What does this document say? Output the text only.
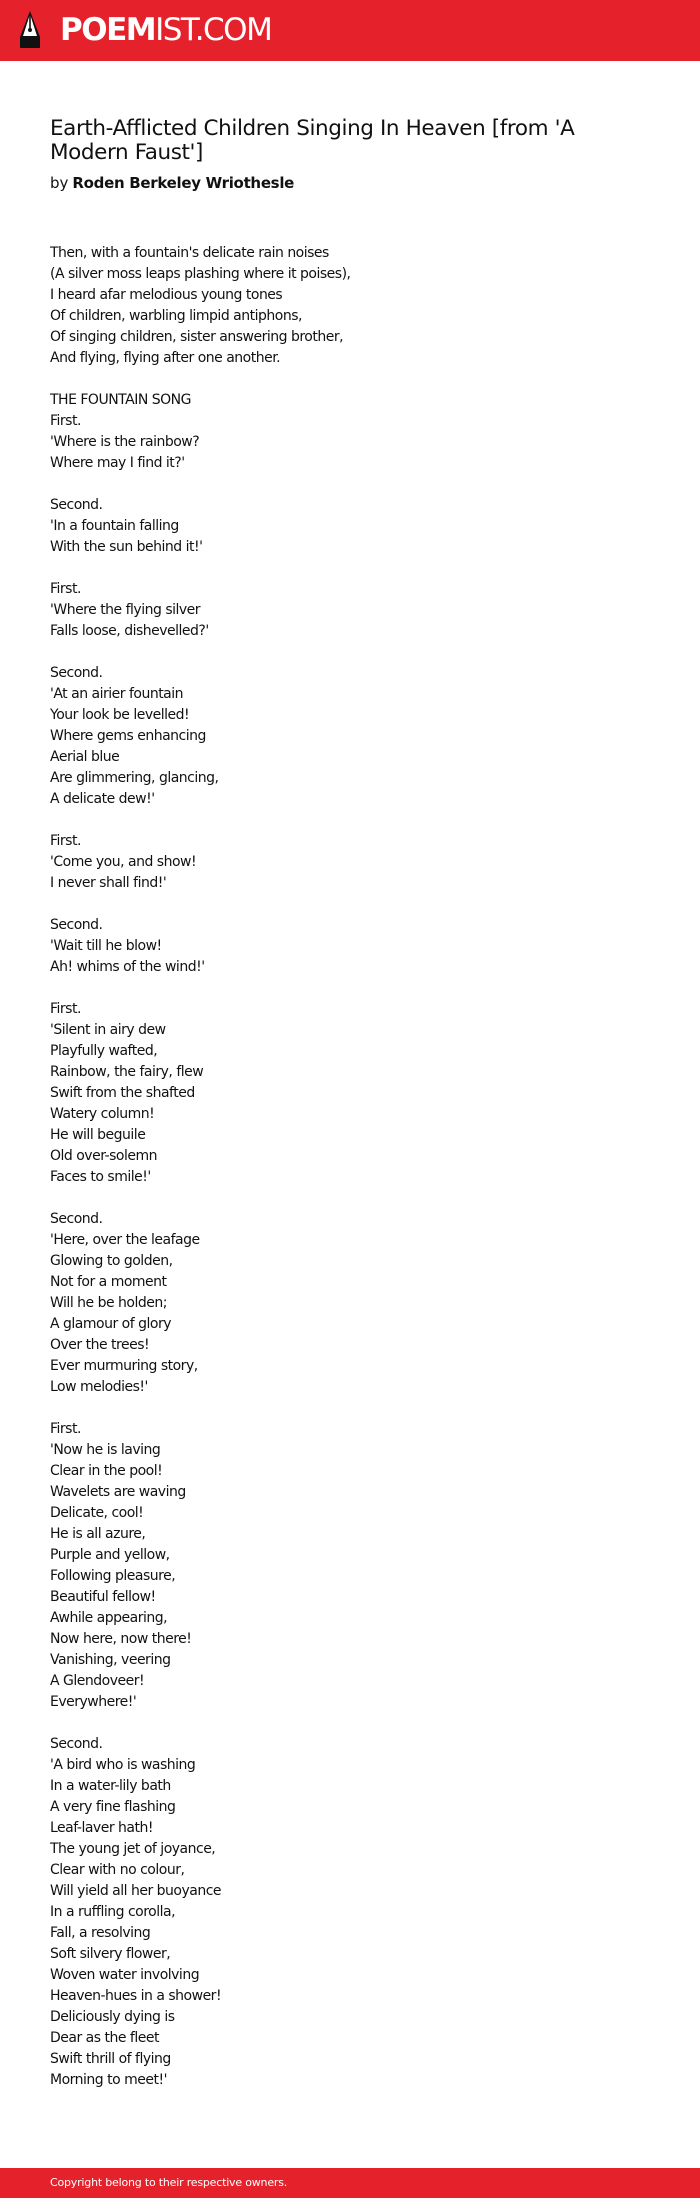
POEMIST.COM
Earth-Afflicted Children Singing In Heaven [from 'A Modern Faust']
by Roden Berkeley Wriothesle
Then, with a fountain's delicate rain noises
(A silver moss leaps plashing where it poises),
I heard afar melodious young tones
Of children, warbling limpid antiphons,
Of singing children, sister answering brother,
And flying, flying after one another.

THE FOUNTAIN SONG
First.
'Where is the rainbow?
Where may I find it?'

Second.
'In a fountain falling
With the sun behind it!'

First.
'Where the flying silver
Falls loose, dishevelled?'

Second.
'At an airier fountain
Your look be levelled!
Where gems enhancing
Aerial blue
Are glimmering, glancing,
A delicate dew!'

First.
'Come you, and show!
I never shall find!'

Second.
'Wait till he blow!
Ah! whims of the wind!'

First.
'Silent in airy dew
Playfully wafted,
Rainbow, the fairy, flew
Swift from the shafted
Watery column!
He will beguile
Old over-solemn
Faces to smile!'

Second.
'Here, over the leafage
Glowing to golden,
Not for a moment
Will he be holden;
A glamour of glory
Over the trees!
Ever murmuring story,
Low melodies!'

First.
'Now he is laving
Clear in the pool!
Wavelets are waving
Delicate, cool!
He is all azure,
Purple and yellow,
Following pleasure,
Beautiful fellow!
Awhile appearing,
Now here, now there!
Vanishing, veering
A Glendoveer!
Everywhere!'

Second.
'A bird who is washing
In a water-lily bath
A very fine flashing
Leaf-laver hath!
The young jet of joyance,
Clear with no colour,
Will yield all her buoyance
In a ruffling corolla,
Fall, a resolving
Soft silvery flower,
Woven water involving
Heaven-hues in a shower!
Deliciously dying is
Dear as the fleet
Swift thrill of flying
Morning to meet!'
Copyright belong to their respective owners.
